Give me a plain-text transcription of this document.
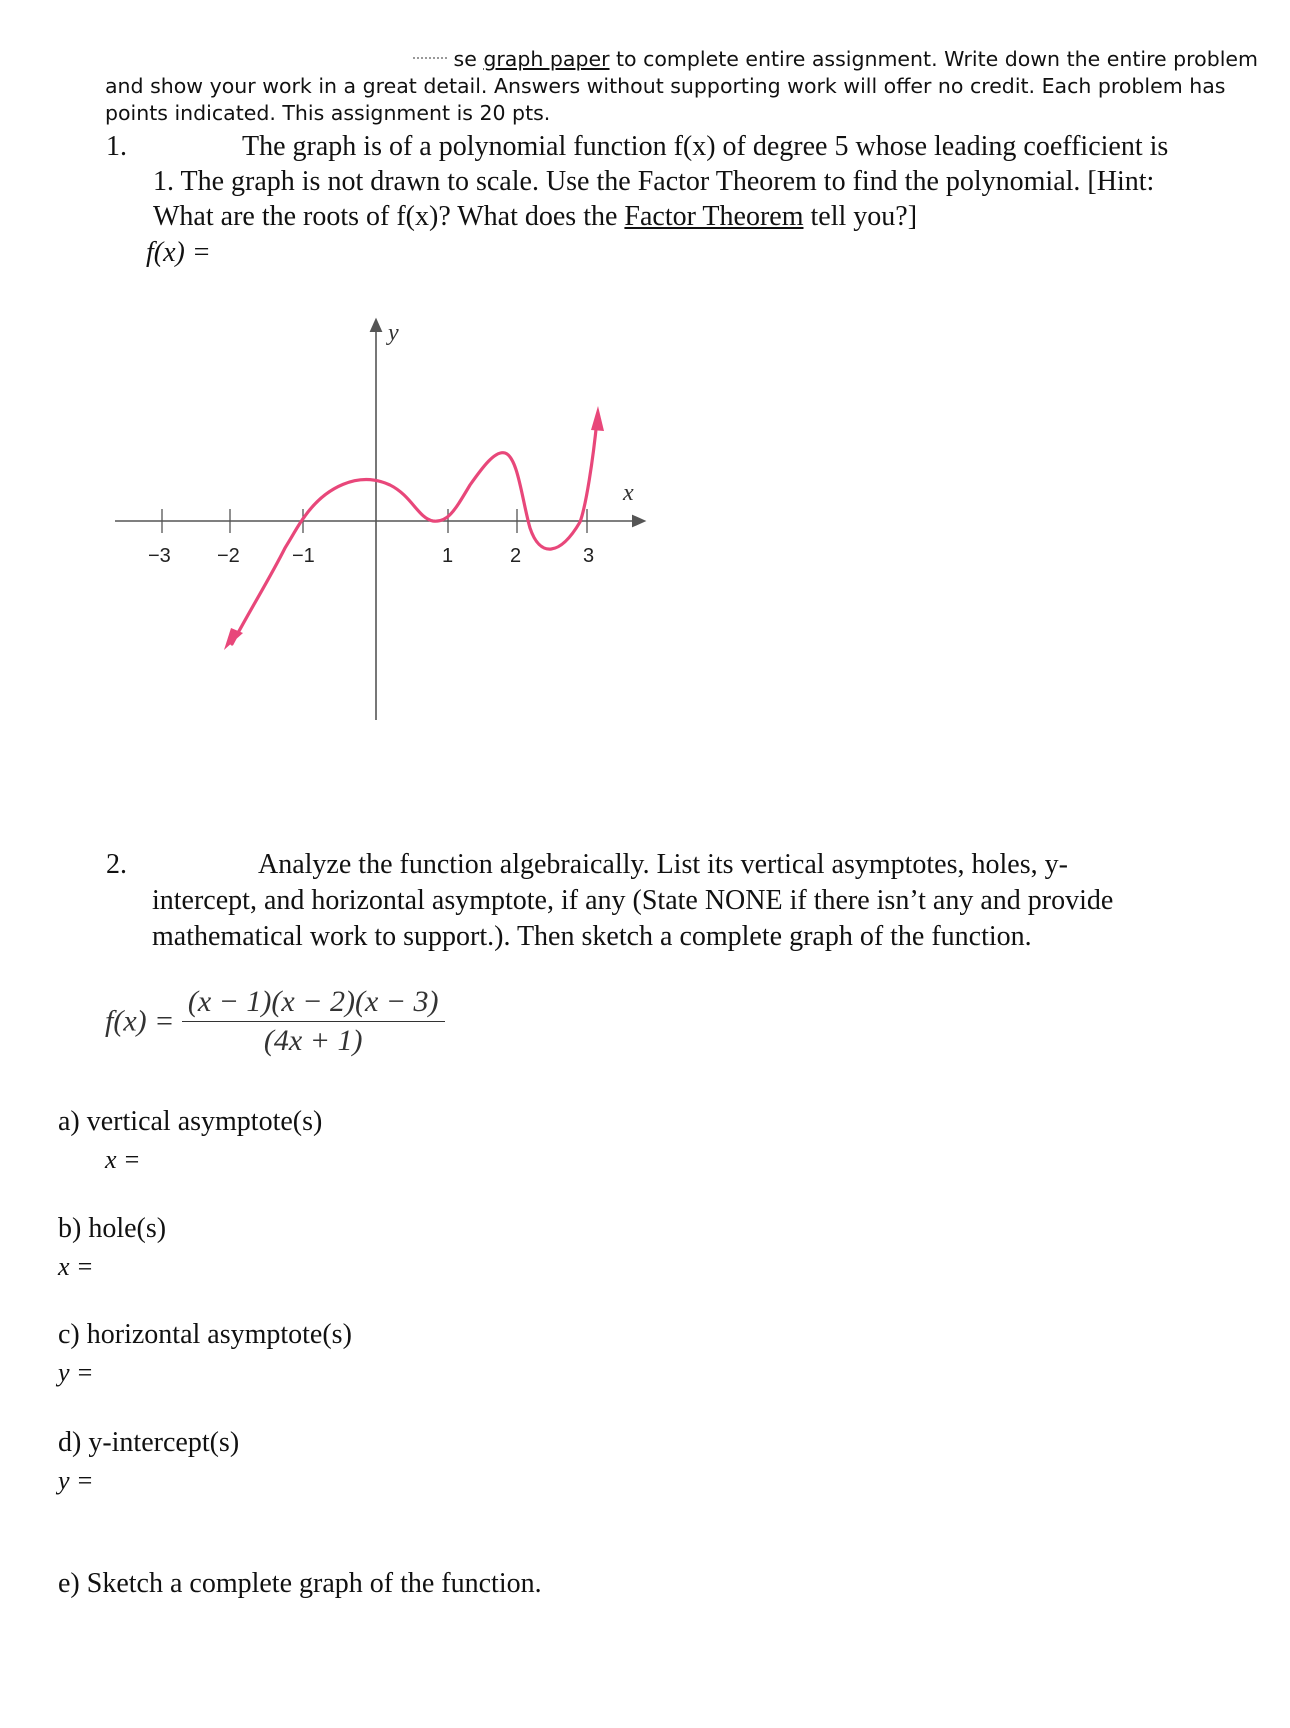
se graph paper to complete entire assignment. Write down the entire problem
and show your work in a great detail. Answers without supporting work will offer no credit. Each problem has
points indicated. This assignment is 20 pts.
1.	The graph is of a polynomial function f(x) of degree 5 whose leading coefficient is
1. The graph is not drawn to scale. Use the Factor Theorem to find the polynomial. [Hint:
What are the roots of f(x)? What does the Factor Theorem tell you?]
f(x) =
−3 −2	−1	1	2	3
y
x
2.	Analyze the function algebraically. List its vertical asymptotes, holes, y-
intercept, and horizontal asymptote, if any (State NONE if there isn’t any and provide
mathematical work to support.). Then sketch a complete graph of the function.
$f(x) = \frac{(x - 1)(x - 2)(x - 3)}{(4x + 1)}$
a) vertical asymptote(s)
x =
b) hole(s)
x =
c) horizontal asymptote(s)
y =
d) y-intercept(s)
y =
e) Sketch a complete graph of the function.
